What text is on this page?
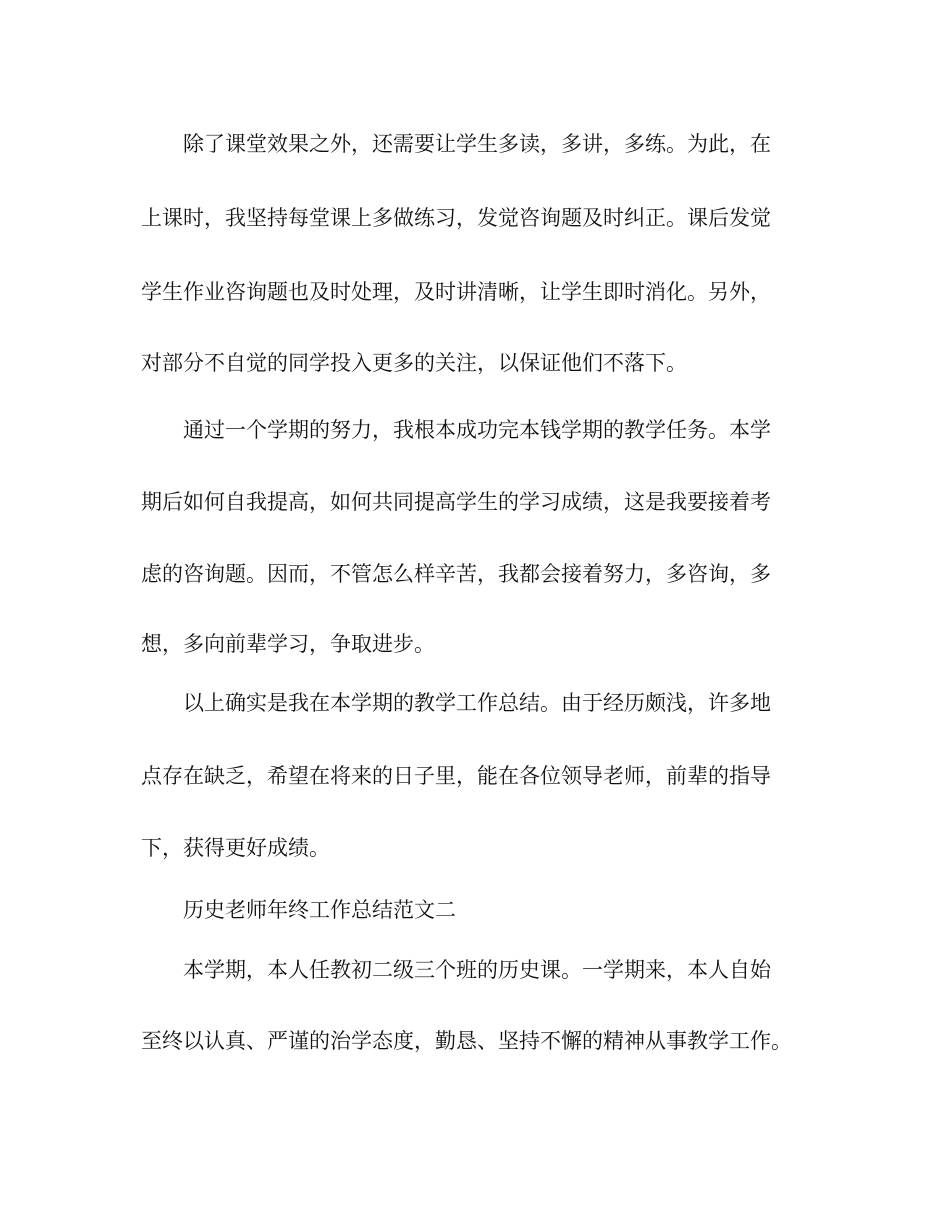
除了课堂效果之外，还需要让学生多读，多讲，多练。为此，在
上课时，我坚持每堂课上多做练习，发觉咨询题及时纠正。课后发觉
学生作业咨询题也及时处理，及时讲清晰，让学生即时消化。另外，
对部分不自觉的同学投入更多的关注，以保证他们不落下。
通过一个学期的努力，我根本成功完本钱学期的教学任务。本学
期后如何自我提高，如何共同提高学生的学习成绩，这是我要接着考
虑的咨询题。因而，不管怎么样辛苦，我都会接着努力，多咨询，多
想，多向前辈学习，争取进步。
以上确实是我在本学期的教学工作总结。由于经历颇浅，许多地
点存在缺乏，希望在将来的日子里，能在各位领导老师，前辈的指导
下，获得更好成绩。
历史老师年终工作总结范文二
本学期，本人任教初二级三个班的历史课。一学期来，本人自始
至终以认真、严谨的治学态度，勤恳、坚持不懈的精神从事教学工作。
